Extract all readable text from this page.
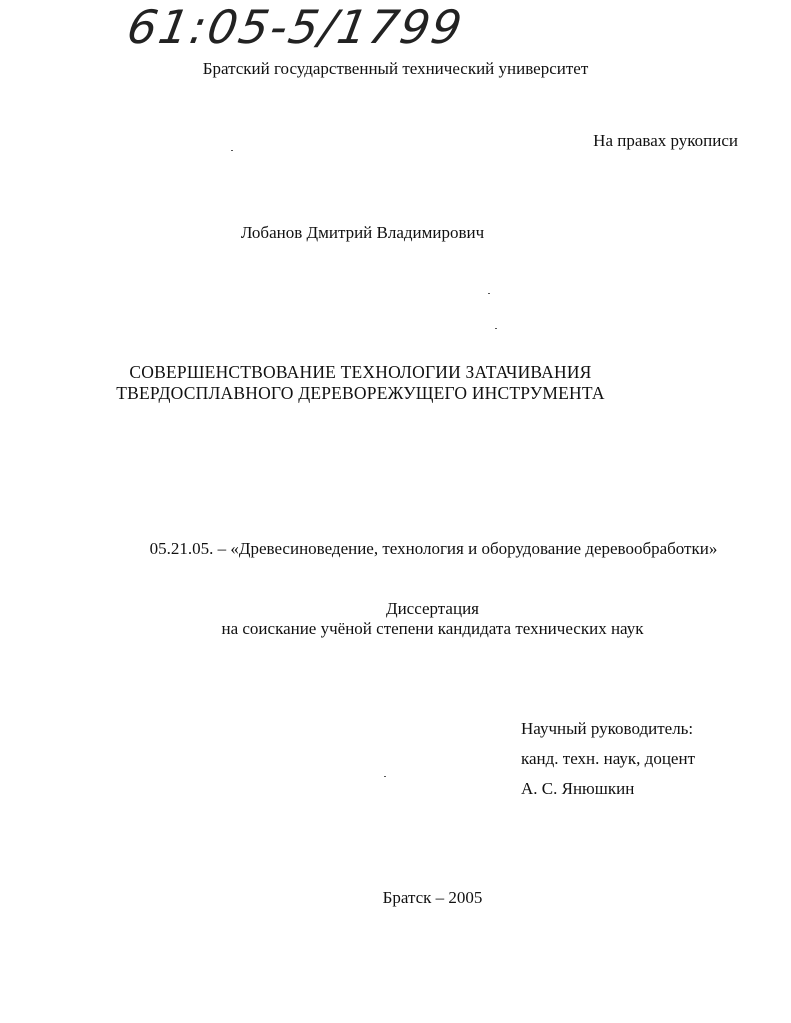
61:05-5/1799
Братский государственный технический университет
На правах рукописи
Лобанов Дмитрий Владимирович
СОВЕРШЕНСТВОВАНИЕ ТЕХНОЛОГИИ ЗАТАЧИВАНИЯ
ТВЕРДОСПЛАВНОГО ДЕРЕВОРЕЖУЩЕГО ИНСТРУМЕНТА
05.21.05. – «Древесиноведение, технология и оборудование деревообработки»
Диссертация
на соискание учёной степени кандидата технических наук
Научный руководитель:
канд. техн. наук, доцент
А. С. Янюшкин
Братск – 2005
